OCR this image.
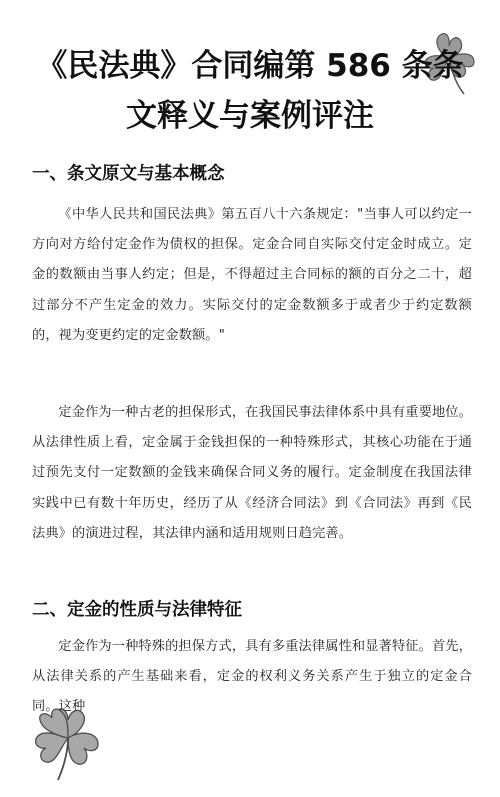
《民法典》合同编第 586 条条
文释义与案例评注
一、条文原文与基本概念

《中华人民共和国民法典》第五百八十六条规定："当事人可以约定一方向对方给付定金作为债权的担保。定金合同自实际交付定金时成立。定金的数额由当事人约定；但是，不得超过主合同标的额的百分之二十，超过部分不产生定金的效力。实际交付的定金数额多于或者少于约定数额的，视为变更约定的定金数额。"

定金作为一种古老的担保形式，在我国民事法律体系中具有重要地位。从法律性质上看，定金属于金钱担保的一种特殊形式，其核心功能在于通过预先支付一定数额的金钱来确保合同义务的履行。定金制度在我国法律实践中已有数十年历史，经历了从《经济合同法》到《合同法》再到《民法典》的演进过程，其法律内涵和适用规则日趋完善。

二、定金的性质与法律特征

定金作为一种特殊的担保方式，具有多重法律属性和显著特征。首先，从法律关系的产生基础来看，定金的权利义务关系产生于独立的定金合同。这种
